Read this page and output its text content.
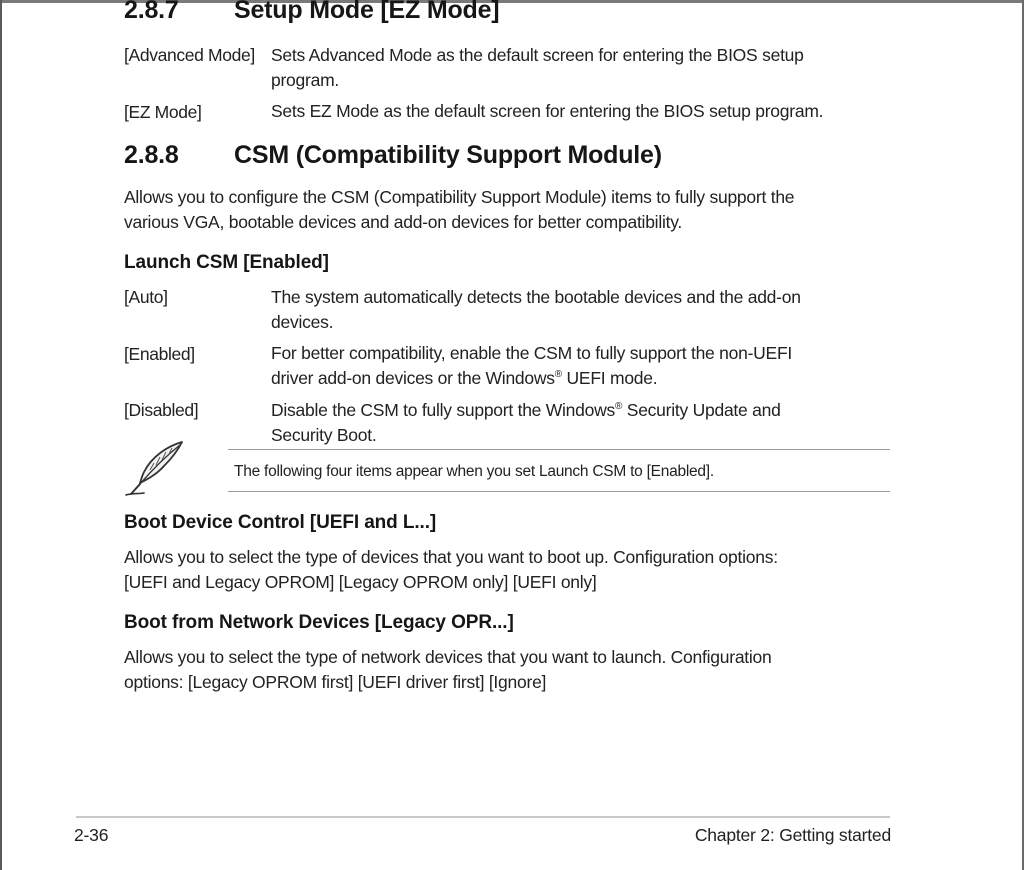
2.8.7 Setup Mode [EZ Mode]
[Advanced Mode] Sets Advanced Mode as the default screen for entering the BIOS setup
program.
[EZ Mode]	Sets EZ Mode as the default screen for entering the BIOS setup program.
2.8.8 CSM (Compatibility Support Module)
Allows you to configure the CSM (Compatibility Support Module) items to fully support the
various VGA, bootable devices and add-on devices for better compatibility.
Launch CSM [Enabled]
[Auto]	The system automatically detects the bootable devices and the add-on
devices.
[Enabled]	For better compatibility, enable the CSM to fully support the non-UEFI
driver add-on devices or the Windows® UEFI mode.
[Disabled]	Disable the CSM to fully support the Windows® Security Update and
Security Boot.
The following four items appear when you set Launch CSM to [Enabled].
Boot Device Control [UEFI and L...]
Allows you to select the type of devices that you want to boot up. Configuration options:
[UEFI and Legacy OPROM] [Legacy OPROM only] [UEFI only]
Boot from Network Devices [Legacy OPR...]
Allows you to select the type of network devices that you want to launch. Configuration
options: [Legacy OPROM first] [UEFI driver first] [Ignore]
2-36	Chapter 2: Getting started
